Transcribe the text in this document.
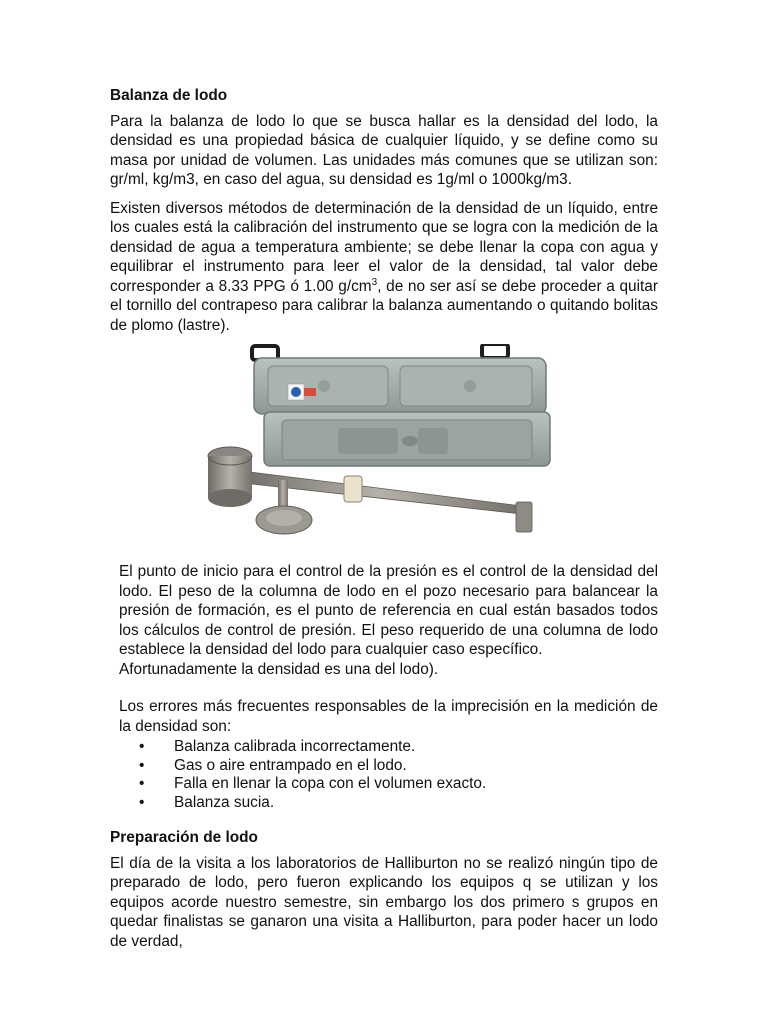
Balanza de lodo

Para la balanza de lodo lo que se busca hallar es la densidad del lodo, la densidad es una propiedad básica de cualquier líquido, y se define como su masa por unidad de volumen. Las unidades más comunes que se utilizan son: gr/ml, kg/m3, en caso del agua, su densidad es 1g/ml o 1000kg/m3.

Existen diversos métodos de determinación de la densidad de un líquido, entre los cuales está la calibración del instrumento que se logra con la medición de la densidad de agua a temperatura ambiente; se debe llenar la copa con agua y equilibrar el instrumento para leer el valor de la densidad, tal valor debe corresponder a 8.33 PPG ó 1.00 $g/cm^3$, de no ser así se debe proceder a quitar el tornillo del contrapeso para calibrar la balanza aumentando o quitando bolitas de plomo (lastre).

El punto de inicio para el control de la presión es el control de la densidad del lodo. El peso de la columna de lodo en el pozo necesario para balancear la presión de formación, es el punto de referencia en cual están basados todos los cálculos de control de presión. El peso requerido de una columna de lodo establece la densidad del lodo para cualquier caso específico.
Afortunadamente la densidad es una del lodo).

Los errores más frecuentes responsables de la imprecisión en la medición de la densidad son:

• Balanza calibrada incorrectamente.
• Gas o aire entrampado en el lodo.
• Falla en llenar la copa con el volumen exacto.
• Balanza sucia.
Preparación de lodo

El día de la visita a los laboratorios de Halliburton no se realizó ningún tipo de preparado de lodo, pero fueron explicando los equipos q se utilizan y los equipos acorde nuestro semestre, sin embargo los dos primero s grupos en quedar finalistas se ganaron una visita a Halliburton, para poder hacer un lodo de verdad,
